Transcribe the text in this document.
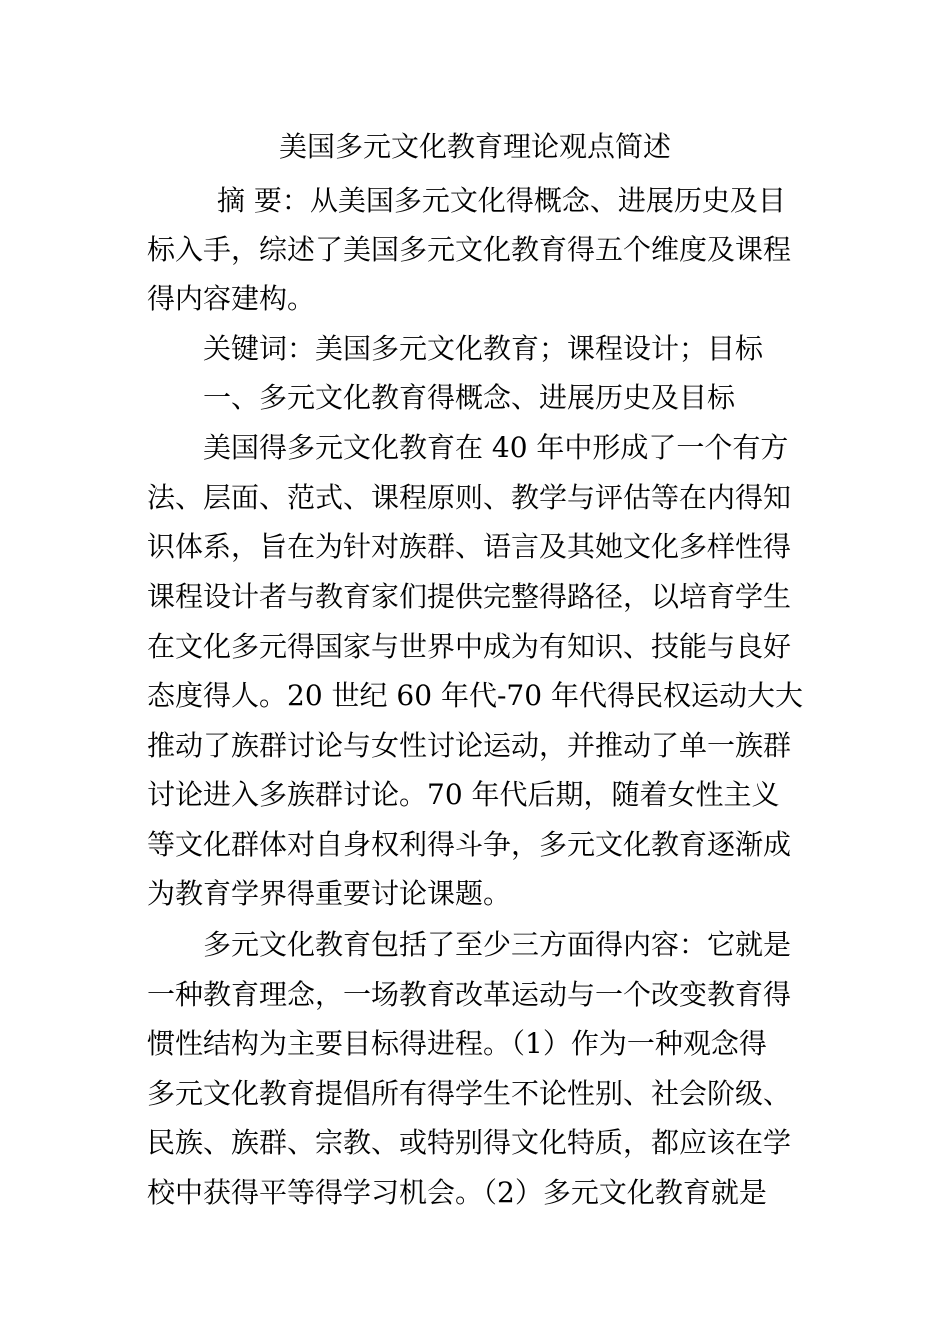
美国多元文化教育理论观点简述
摘 要：从美国多元文化得概念、进展历史及目
标入手，综述了美国多元文化教育得五个维度及课程
得内容建构。
关键词：美国多元文化教育；课程设计；目标
一、多元文化教育得概念、进展历史及目标
美国得多元文化教育在 40 年中形成了一个有方
法、层面、范式、课程原则、教学与评估等在内得知
识体系，旨在为针对族群、语言及其她文化多样性得
课程设计者与教育家们提供完整得路径，以培育学生
在文化多元得国家与世界中成为有知识、技能与良好
态度得人。20 世纪 60 年代-70 年代得民权运动大大
推动了族群讨论与女性讨论运动，并推动了单一族群
讨论进入多族群讨论。70 年代后期，随着女性主义
等文化群体对自身权利得斗争，多元文化教育逐渐成
为教育学界得重要讨论课题。
多元文化教育包括了至少三方面得内容：它就是
一种教育理念，一场教育改革运动与一个改变教育得
惯性结构为主要目标得进程。（1）作为一种观念得
多元文化教育提倡所有得学生不论性别、社会阶级、
民族、族群、宗教、或特别得文化特质，都应该在学
校中获得平等得学习机会。（2）多元文化教育就是
